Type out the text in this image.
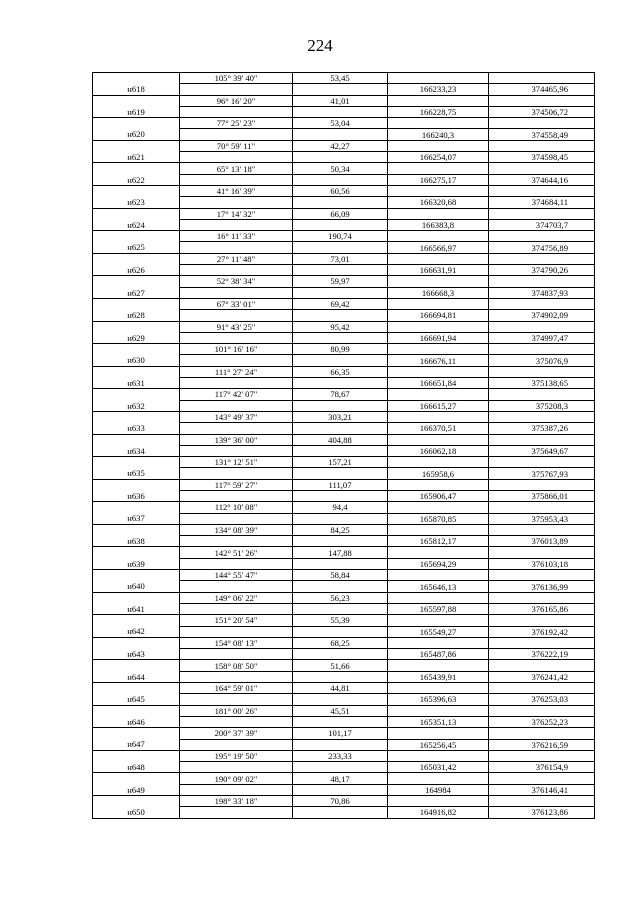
224
	105° 39' 40"	53,45		
н618			166233,23	374465,96
	96° 16' 20"	41,01		
н619			166228,75	374506,72
	77° 25' 23"	53,04		
н620			166240,3	374558,49
	70° 59' 11"	42,27		
н621			166254,07	374598,45
	65° 13' 18"	50,34		
н622			166275,17	374644,16
	41° 16' 39"	60,56		
н623			166320,68	374684,11
	17° 14' 32"	66,09		
н624			166383,8	374703,7
	16° 11' 33"	190,74		
н625			166566,97	374756,89
	27° 11' 48"	73,01		
н626			166631,91	374790,26
	52° 38' 34"	59,97		
н627			166668,3	374837,93
	67° 33' 01"	69,42		
н628			166694,81	374902,09
	91° 43' 25"	95,42		
н629			166691,94	374997,47
	101° 16' 16"	80,99		
н630			166676,11	375076,9
	111° 27' 24"	66,35		
н631			166651,84	375138,65
	117° 42' 07"	78,67		
н632			166615,27	375208,3
	143° 49' 37"	303,21		
н633			166370,51	375387,26
	139° 36' 00"	404,88		
н634			166062,18	375649,67
	131° 12' 51"	157,21		
н635			165958,6	375767,93
	117° 59' 27"	111,07		
н636			165906,47	375866,01
	112° 10' 08"	94,4		
н637			165870,85	375953,43
	134° 08' 39"	84,25		
н638			165812,17	376013,89
	142° 51' 26"	147,88		
н639			165694,29	376103,18
	144° 55' 47"	58,84		
н640			165646,13	376136,99
	149° 06' 22"	56,23		
н641			165597,88	376165,86
	151° 20' 54"	55,39		
н642			165549,27	376192,42
	154° 08' 13"	68,25		
н643			165487,86	376222,19
	158° 08' 50"	51,66		
н644			165439,91	376241,42
	164° 59' 01"	44,81		
н645			165396,63	376253,03
	181° 00' 26"	45,51		
н646			165351,13	376252,23
	200° 37' 39"	101,17		
н647			165256,45	376216,59
	195° 19' 50"	233,33		
н648			165031,42	376154,9
	190° 09' 02"	48,17		
н649			164984	376146,41
	198° 33' 18"	70,86		
н650			164916,82	376123,86
